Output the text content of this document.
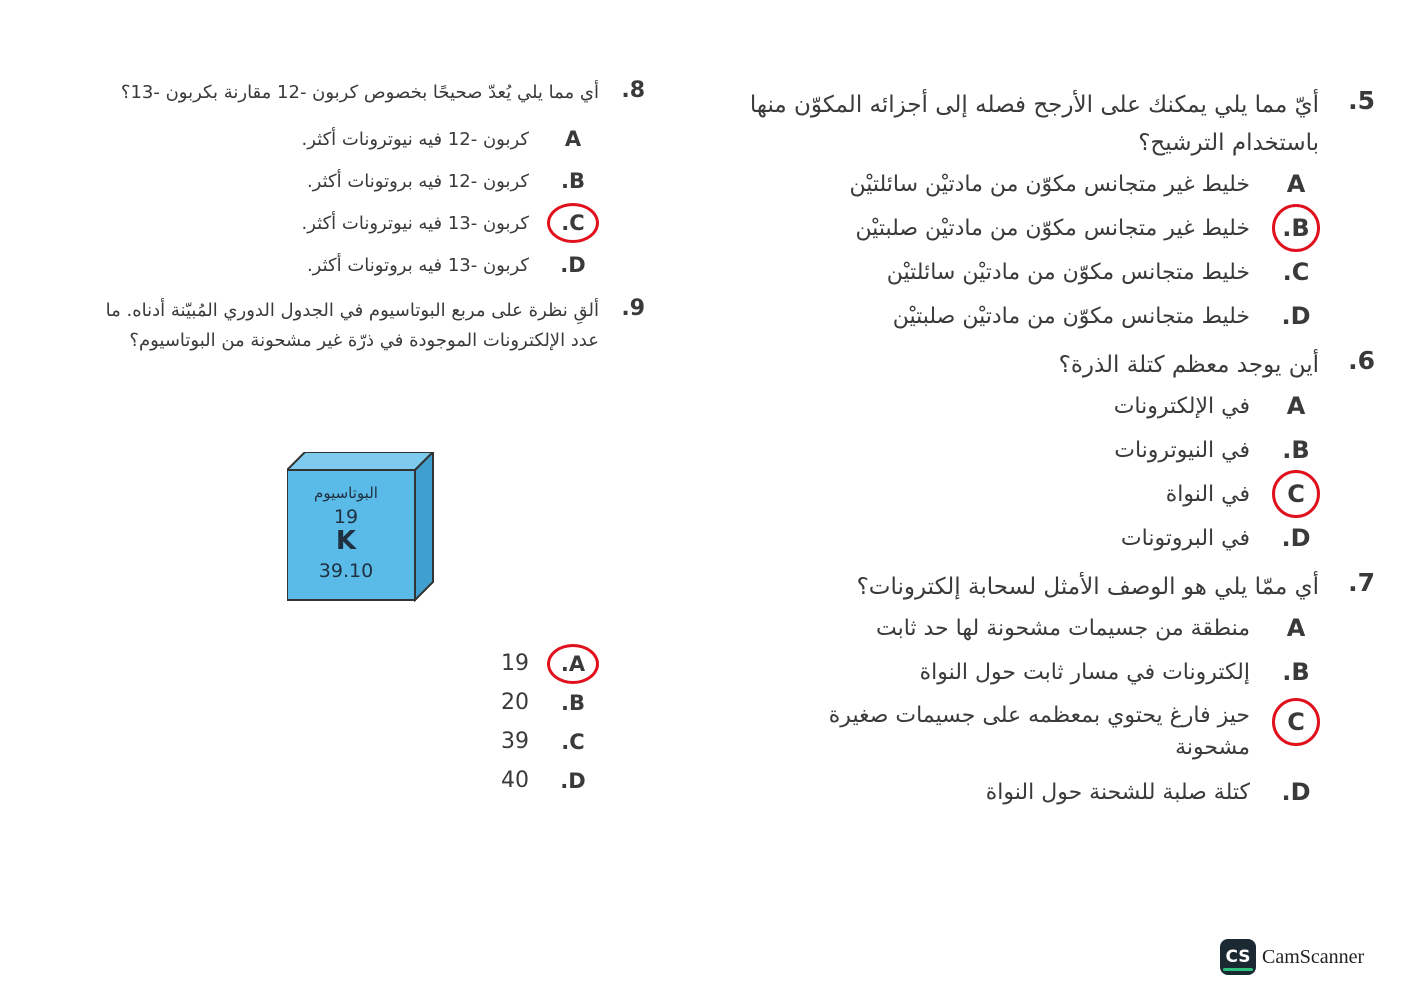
5.
أيّ مما يلي يمكنك على الأرجح فصله إلى أجزائه المكوّن منها باستخدام الترشيح؟
A
خليط غير متجانس مكوّن من مادتيْن سائلتيْن
.B
خليط غير متجانس مكوّن من مادتيْن صلبتيْن
.C
خليط متجانس مكوّن من مادتيْن سائلتيْن
.D
خليط متجانس مكوّن من مادتيْن صلبتيْن
6.
أين يوجد معظم كتلة الذرة؟
A
في الإلكترونات
.B
في النيوترونات
C
في النواة
.D
في البروتونات
7.
أي ممّا يلي هو الوصف الأمثل لسحابة إلكترونات؟
A
منطقة من جسيمات مشحونة لها حد ثابت
.B
إلكترونات في مسار ثابت حول النواة
C
حيز فارغ يحتوي بمعظمه على جسيمات صغيرة مشحونة
.D
كتلة صلبة للشحنة حول النواة
8.
أي مما يلي يُعدّ صحيحًا بخصوص كربون -12 مقارنة بكربون -13؟
A
كربون -12 فيه نيوترونات أكثر.
.B
كربون -12 فيه بروتونات أكثر.
.C
كربون -13 فيه نيوترونات أكثر.
.D
كربون -13 فيه بروتونات أكثر.
9.
ألقِ نظرة على مربع البوتاسيوم في الجدول الدوري المُبيّنة أدناه. ما عدد الإلكترونات الموجودة في ذرّة غير مشحونة من البوتاسيوم؟
.A
19
.B
20
.C
39
.D
40
البوتاسيوم
19
K
39.10
CS CamScanner
